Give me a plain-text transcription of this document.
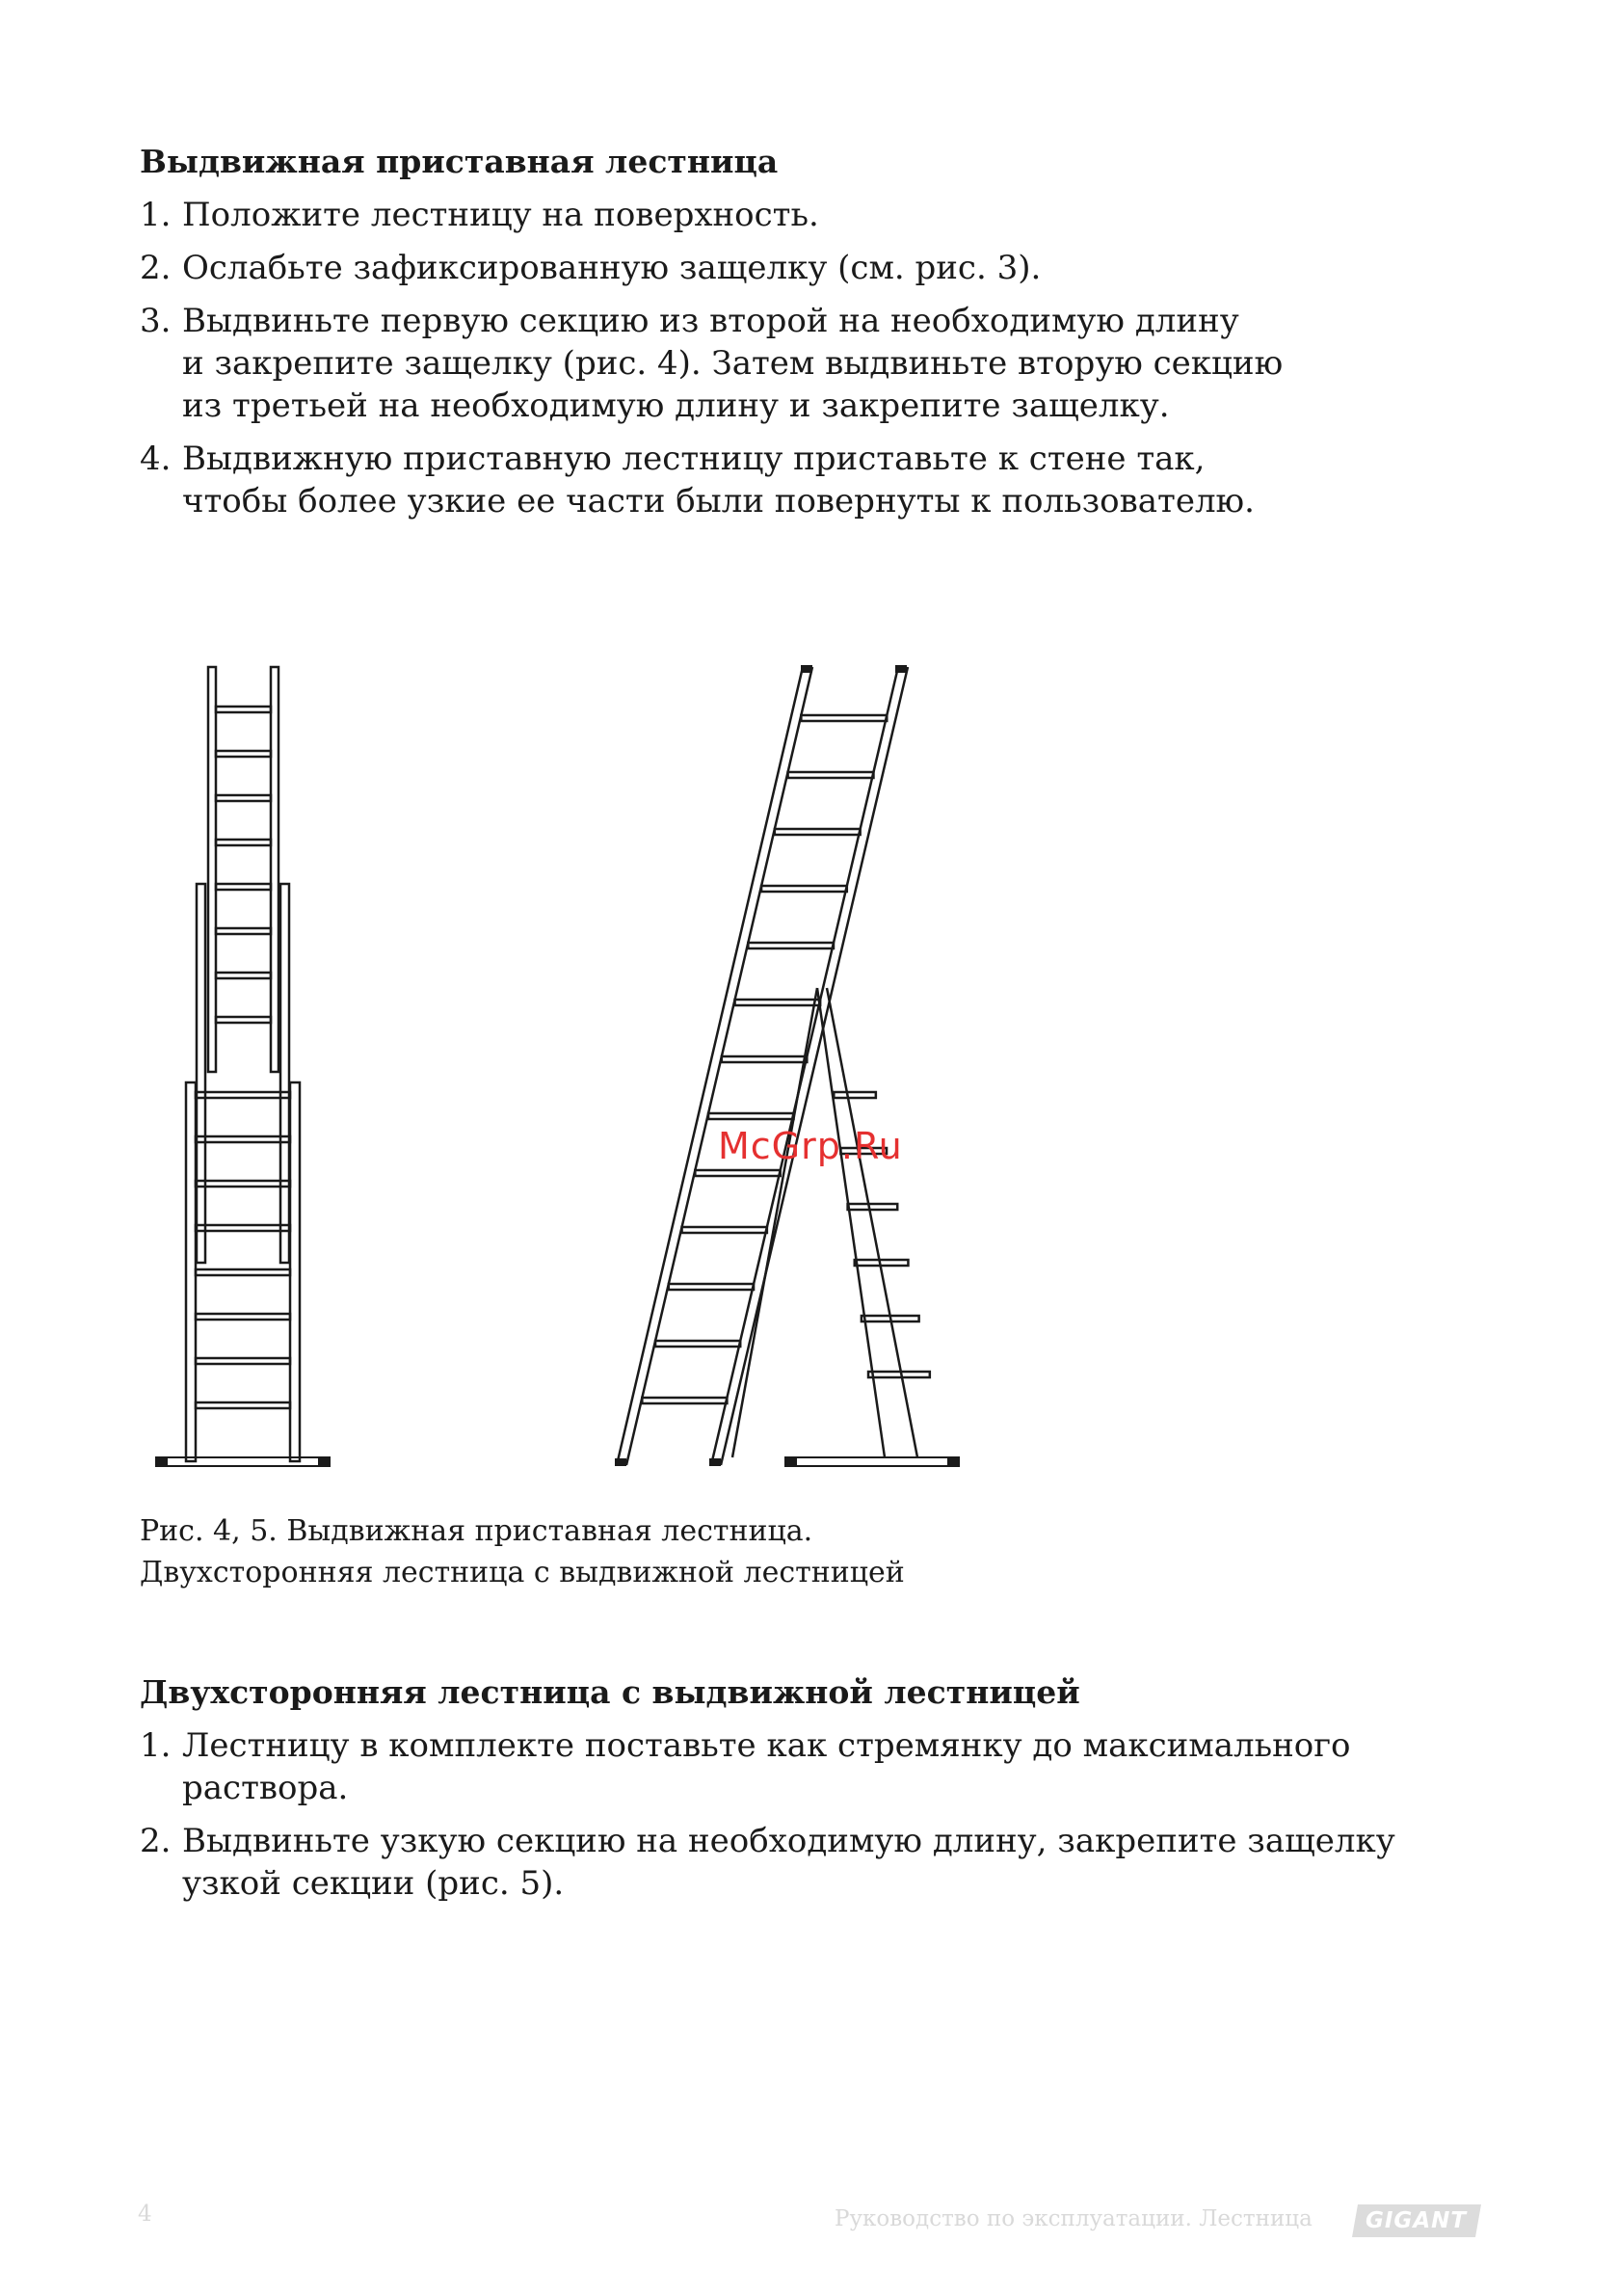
Выдвижная приставная лестница
1. Положите лестницу на поверхность.
2. Ослабьте зафиксированную защелку (см. рис. 3).
3. Выдвиньте первую секцию из второй на необходимую длину
и закрепите защелку (рис. 4). Затем выдвиньте вторую секцию
из третьей на необходимую длину и закрепите защелку.
4. Выдвижную приставную лестницу приставьте к стене так,
чтобы более узкие ее части были повернуты к пользователю.
McGrp.Ru
Рис. 4, 5. Выдвижная приставная лестница.
Двухсторонняя лестница с выдвижной лестницей
Двухсторонняя лестница с выдвижной лестницей
1. Лестницу в комплекте поставьте как стремянку до максимального
раствора.
2. Выдвиньте узкую секцию на необходимую длину, закрепите защелку
узкой секции (рис. 5).
4	Руководство по эксплуатации. Лестница GIGANT
